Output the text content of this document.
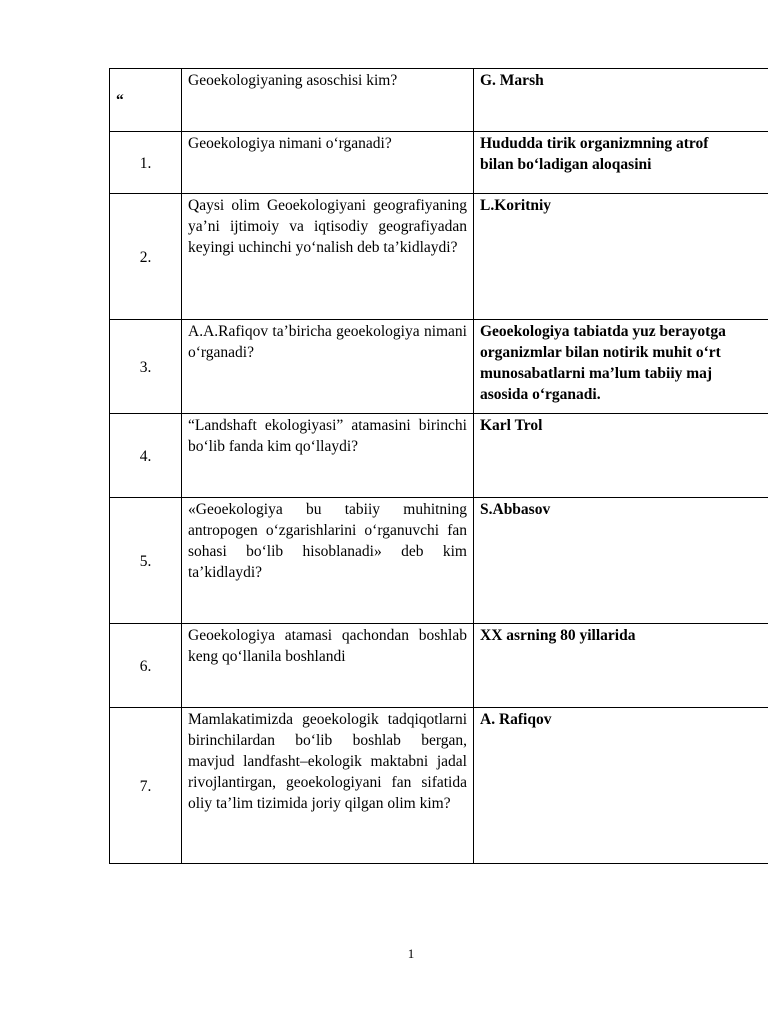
“	Geoekologiyaning asoschisi kim?	G. Marsh

1.	Geoekologiya nimani o‘rganadi?	Hududda tirik organizmning atrof
bilan bo‘ladigan aloqasini

2.	Qaysi olim Geoekologiyani geografiyaning ya’ni ijtimoiy va iqtisodiy geografiyadan keyingi uchinchi yo‘nalish deb ta’kidlaydi?	L.Koritniy

3.	A.A.Rafiqov ta’biricha geoekologiya nimani o‘rganadi?	Geoekologiya tabiatda yuz berayotga
organizmlar bilan notirik muhit o‘rt
munosabatlarni ma’lum tabiiy maj
asosida o‘rganadi.

4.	“Landshaft ekologiyasi” atamasini birinchi bo‘lib fanda kim qo‘llaydi?	Karl Trol

5.	«Geoekologiya bu tabiiy muhitning antropogen o‘zgarishlarini o‘rganuvchi fan sohasi bo‘lib hisoblanadi» deb kim ta’kidlaydi?	S.Abbasov

6.	Geoekologiya atamasi qachondan boshlab keng qo‘llanila boshlandi	XX asrning 80 yillarida

7.	Mamlakatimizda geoekologik tadqiqotlarni birinchilardan bo‘lib boshlab bergan, mavjud landfasht–ekologik maktabni jadal rivojlantirgan, geoekologiyani fan sifatida oliy ta’lim tizimida joriy qilgan olim kim?	A. Rafiqov
1
